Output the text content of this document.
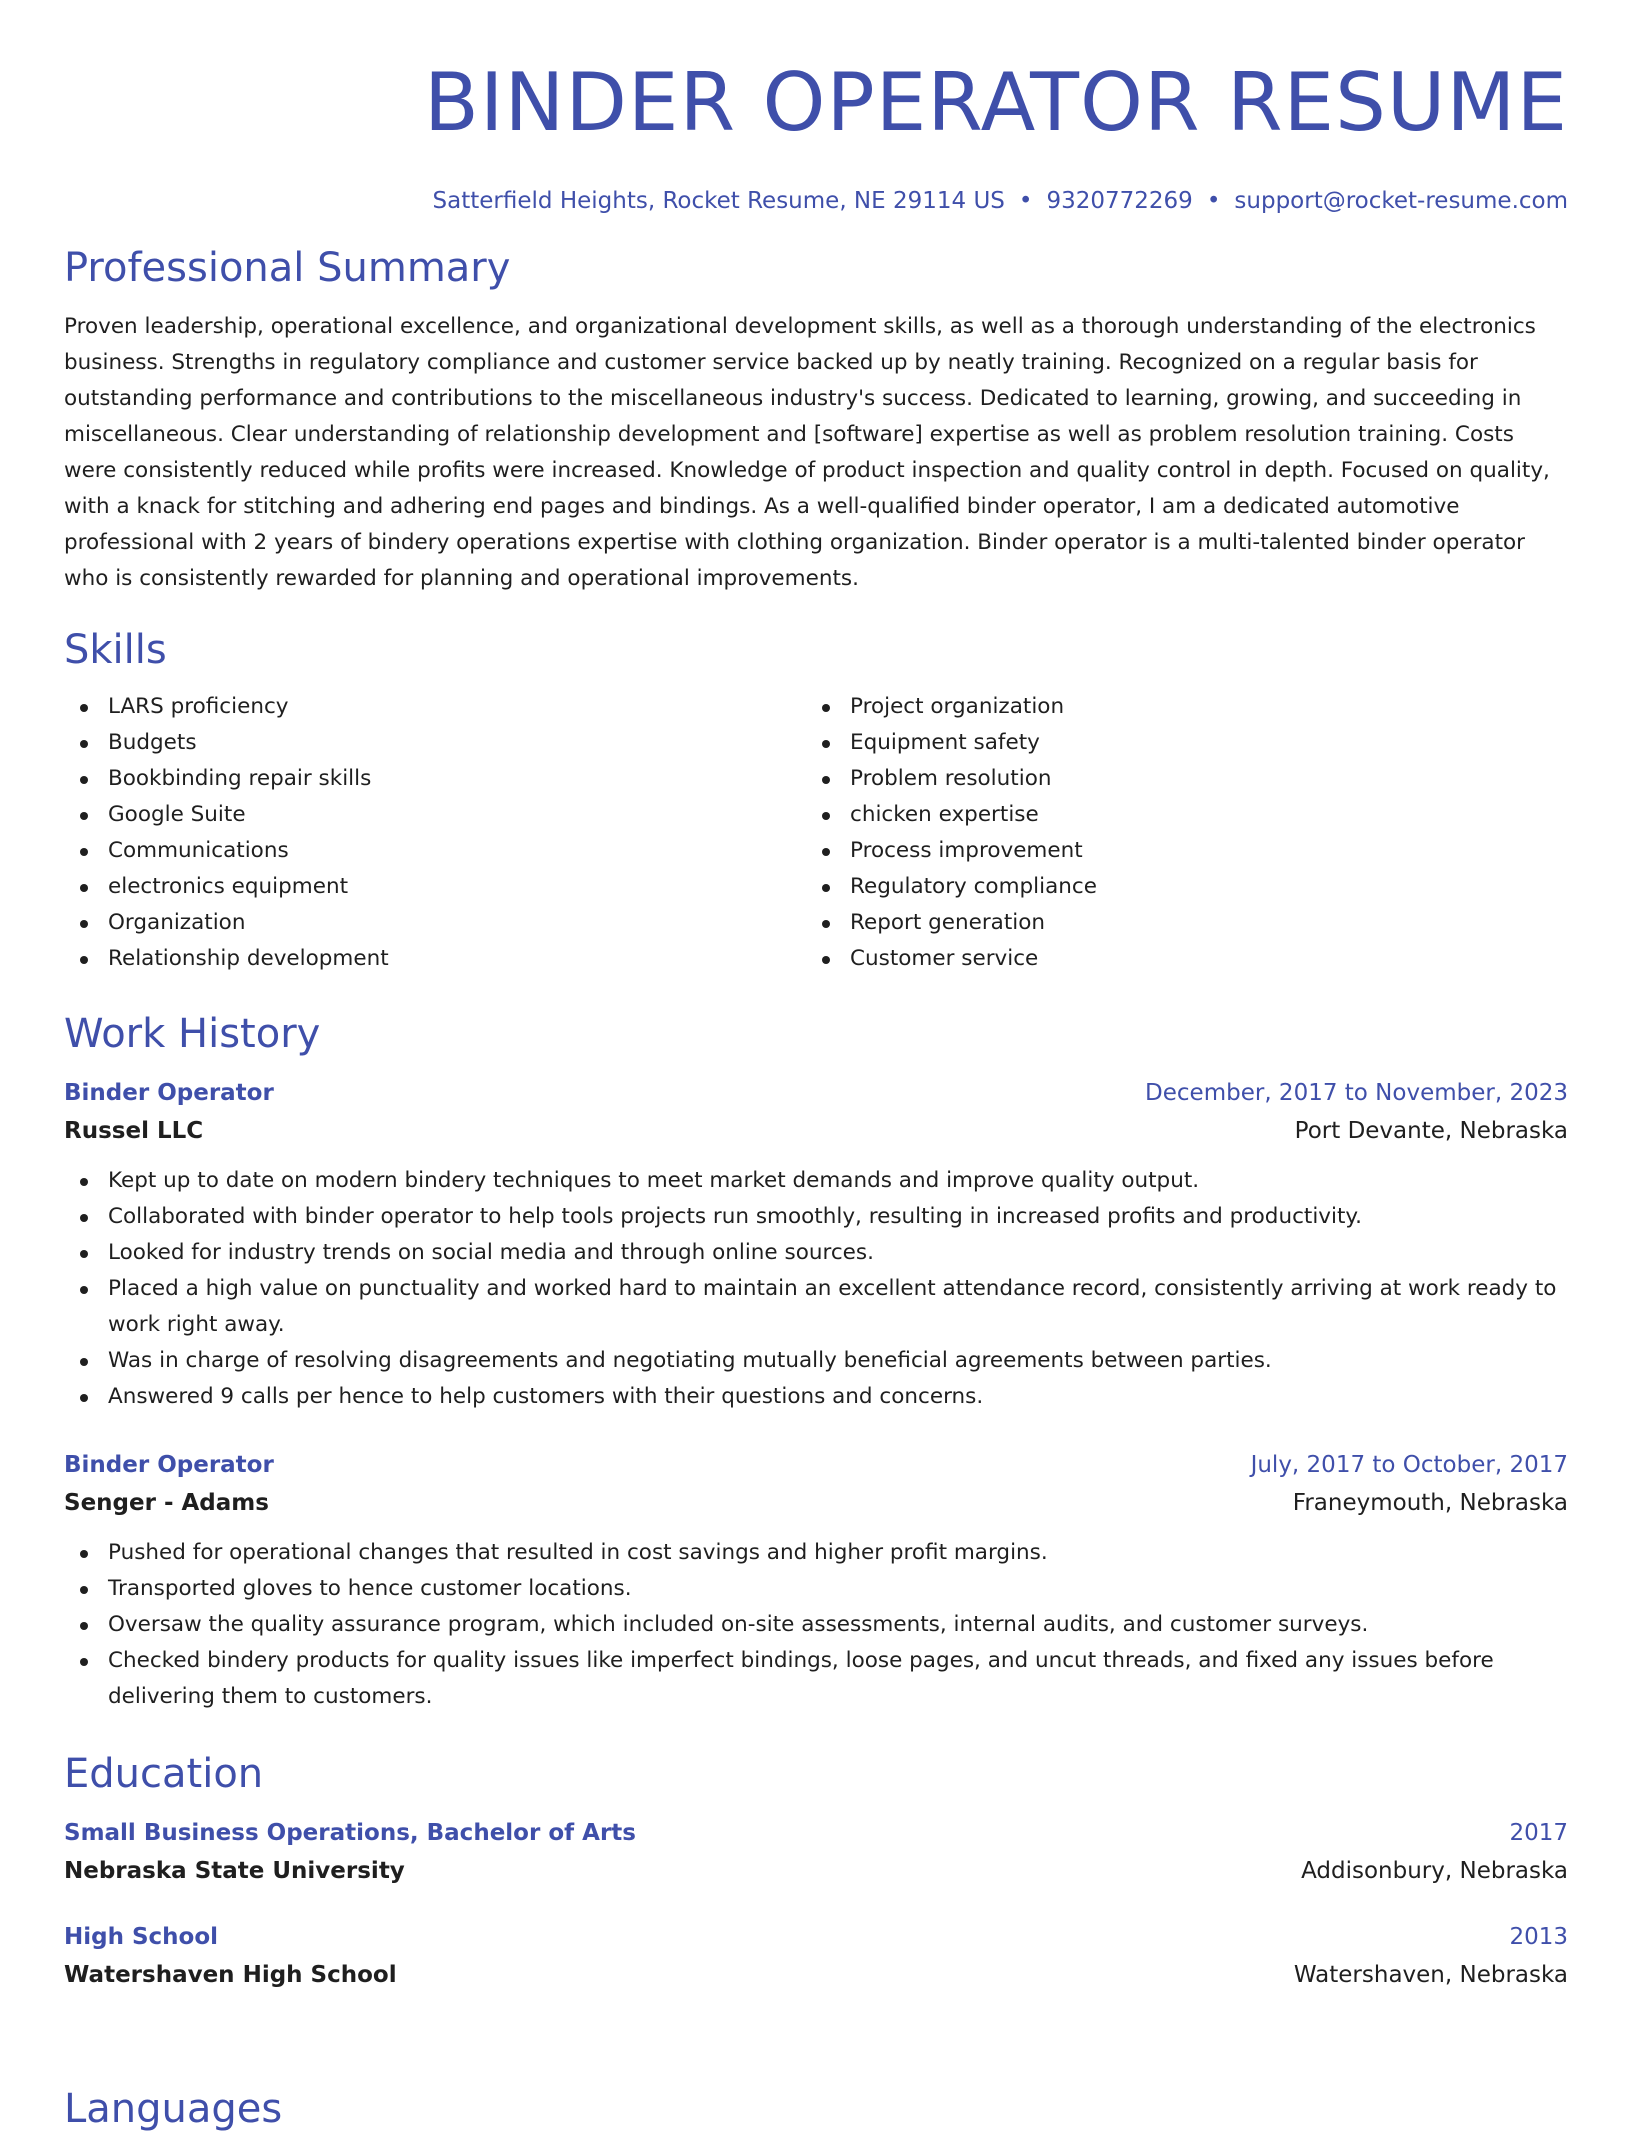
BINDER OPERATOR RESUME
Satterfield Heights, Rocket Resume, NE 29114 US • 9320772269 • support@rocket-resume.com
Professional Summary

Proven leadership, operational excellence, and organizational development skills, as well as a thorough understanding of the electronics business. Strengths in regulatory compliance and customer service backed up by neatly training. Recognized on a regular basis for outstanding performance and contributions to the miscellaneous industry's success. Dedicated to learning, growing, and succeeding in miscellaneous. Clear understanding of relationship development and [software] expertise as well as problem resolution training. Costs were consistently reduced while profits were increased. Knowledge of product inspection and quality control in depth. Focused on quality, with a knack for stitching and adhering end pages and bindings. As a well-qualified binder operator, I am a dedicated automotive professional with 2 years of bindery operations expertise with clothing organization. Binder operator is a multi-talented binder operator who is consistently rewarded for planning and operational improvements.

Skills
LARS proficiency
Budgets
Bookbinding repair skills
Google Suite
Communications
electronics equipment
Organization
Relationship development
Project organization
Equipment safety
Problem resolution
chicken expertise
Process improvement
Regulatory compliance
Report generation
Customer service
Work History
Binder Operator	December, 2017 to November, 2023
Russel LLC	Port Devante, Nebraska
Kept up to date on modern bindery techniques to meet market demands and improve quality output.
Collaborated with binder operator to help tools projects run smoothly, resulting in increased profits and productivity.
Looked for industry trends on social media and through online sources.
Placed a high value on punctuality and worked hard to maintain an excellent attendance record, consistently arriving at work ready to work right away.
Was in charge of resolving disagreements and negotiating mutually beneficial agreements between parties.
Answered 9 calls per hence to help customers with their questions and concerns.
Binder Operator	July, 2017 to October, 2017
Senger - Adams	Franeymouth, Nebraska
Pushed for operational changes that resulted in cost savings and higher profit margins.
Transported gloves to hence customer locations.
Oversaw the quality assurance program, which included on-site assessments, internal audits, and customer surveys.
Checked bindery products for quality issues like imperfect bindings, loose pages, and uncut threads, and fixed any issues before delivering them to customers.
Education
Small Business Operations, Bachelor of Arts	2017
Nebraska State University	Addisonbury, Nebraska
High School	2013
Watershaven High School	Watershaven, Nebraska
Languages
